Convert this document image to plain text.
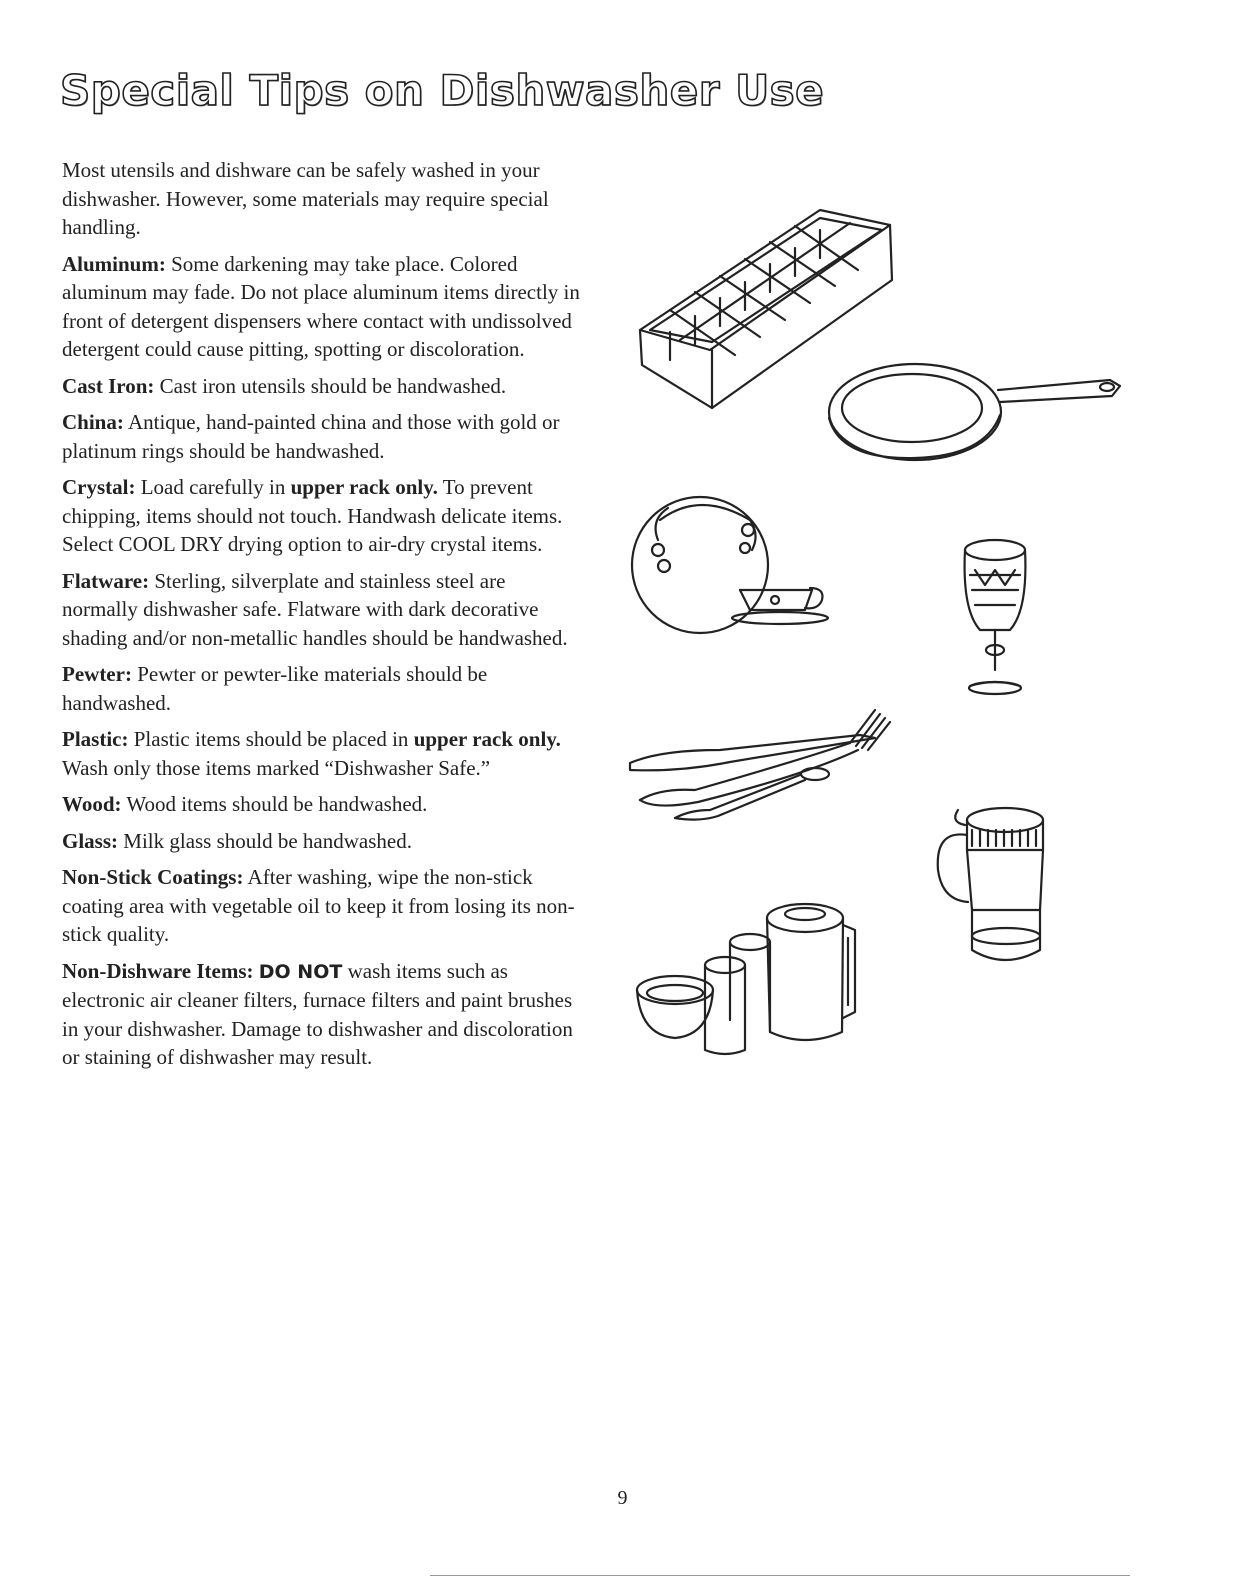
Special Tips on Dishwasher Use

Most utensils and dishware can be safely washed in your dishwasher. However, some materials may require special handling.

Aluminum: Some darkening may take place. Colored aluminum may fade. Do not place aluminum items directly in front of detergent dispensers where contact with undissolved detergent could cause pitting, spotting or discoloration.

Cast Iron: Cast iron utensils should be handwashed.

China: Antique, hand-painted china and those with gold or platinum rings should be handwashed.

Crystal: Load carefully in upper rack only. To prevent chipping, items should not touch. Handwash delicate items. Select COOL DRY drying option to air-dry crystal items.

Flatware: Sterling, silverplate and stainless steel are normally dishwasher safe. Flatware with dark decorative shading and/or non-metallic handles should be handwashed.

Pewter: Pewter or pewter-like materials should be handwashed.

Plastic: Plastic items should be placed in upper rack only. Wash only those items marked “Dishwasher Safe.”

Wood: Wood items should be handwashed.

Glass: Milk glass should be handwashed.

Non-Stick Coatings: After washing, wipe the non-stick coating area with vegetable oil to keep it from losing its non-stick quality.

Non-Dishware Items: DO NOT wash items such as electronic air cleaner filters, furnace filters and paint brushes in your dishwasher. Damage to dishwasher and discoloration or staining of dishwasher may result.

9
